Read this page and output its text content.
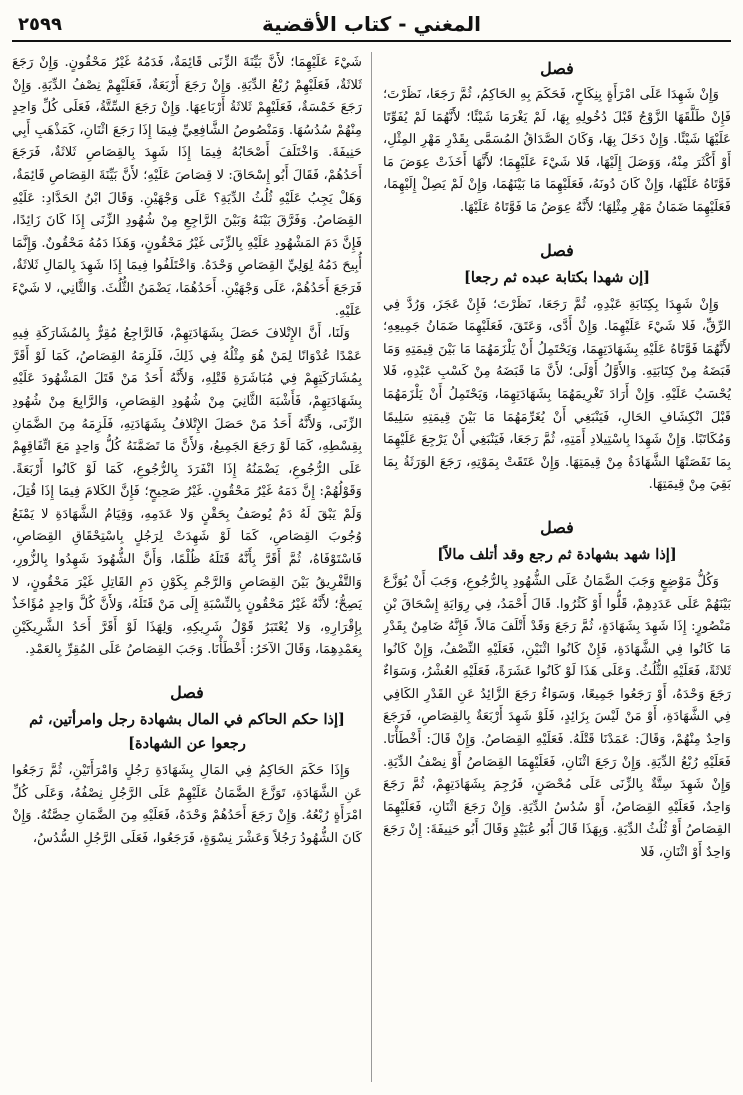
المغني - كتاب الأقضية
٢٥٩٩
فصل

وَإِنْ شَهِدَا عَلَى امْرَأَةٍ بِنِكَاحٍ، فَحَكَمَ بِهِ الحَاكِمُ، ثُمَّ رَجَعَا، نَظَرْتَ؛ فَإِنْ طَلَّقَهَا الزَّوْجُ قَبْلَ دُخُولِهِ بِهَا، لَمْ يَغْرَمَا شَيْئًا؛ لأَنَّهُمَا لَمْ يُفَوِّتَا عَلَيْهَا شَيْئًا. وَإِنْ دَخَلَ بِهَا، وَكَانَ الصَّدَاقُ المُسَمَّى بِقَدْرِ مَهْرِ المِثْلِ، أَوْ أَكْثَرَ مِنْهُ، وَوَصَلَ إِلَيْهَا، فَلا شَيْءَ عَلَيْهِمَا؛ لأَنَّهَا أَخَذَتْ عِوَضَ مَا فَوَّتَاهُ عَلَيْهَا، وَإِنْ كَانَ دُونَهُ، فَعَلَيْهِمَا مَا بَيْنَهُمَا، وَإِنْ لَمْ يَصِلْ إِلَيْهِمَا، فَعَلَيْهِمَا ضَمَانُ مَهْرِ مِثْلِهَا؛ لأَنَّهُ عِوَضُ مَا فَوَّتَاهُ عَلَيْهَا.

فصل
[إن شهدا بكتابة عبده ثم رجعا]

وَإِنْ شَهِدَا بِكِتَابَةِ عَبْدِهِ، ثُمَّ رَجَعَا، نَظَرْتَ؛ فَإِنْ عَجَزَ، وَرُدَّ فِي الرِّقِّ، فَلا شَيْءَ عَلَيْهِمَا. وَإِنْ أَدَّى، وَعَتَقَ، فَعَلَيْهِمَا ضَمَانُ جَمِيعِهِ؛ لأَنَّهُمَا فَوَّتَاهُ عَلَيْهِ بِشَهَادَتِهِمَا، وَيَحْتَمِلُ أَنْ يَلْزَمَهُمَا مَا بَيْنَ قِيمَتِهِ وَمَا قَبَضَهُ مِنْ كِتَابَتِهِ. وَالأَوَّلُ أَوْلَى؛ لأَنَّ مَا قَبَضَهُ مِنْ كَسْبِ عَبْدِهِ، فَلا يُحْسَبُ عَلَيْهِ. وَإِنْ أَرَادَ تَغْرِيمَهُمَا بِشَهَادَتِهِمَا، وَيَحْتَمِلُ أَنْ يَلْزَمَهُمَا قَبْلَ انْكِشَافِ الحَالِ، فَيَنْبَغِي أَنْ يُغَرِّمَهُمَا مَا بَيْنَ قِيمَتِهِ سَلِيمًا وَمُكَاتَبًا. وَإِنْ شَهِدَا بِاسْتِيلادِ أَمَتِهِ، ثُمَّ رَجَعَا، فَيَنْبَغِي أَنْ يَرْجِعَ عَلَيْهِمَا بِمَا نَقَصَتْهَا الشَّهَادَةُ مِنْ قِيمَتِهَا. وَإِنْ عَتَقَتْ بِمَوْتِهِ، رَجَعَ الوَرَثَةُ بِمَا بَقِيَ مِنْ قِيمَتِهَا.

فصل
[إذا شهد بشهادة ثم رجع وقد أتلف مالاً]

وَكُلُّ مَوْضِعٍ وَجَبَ الضَّمَانُ عَلَى الشُّهُودِ بِالرُّجُوعِ، وَجَبَ أَنْ يُوَزَّعَ بَيْنَهُمْ عَلَى عَدَدِهِمْ، قَلُّوا أَوْ كَثُرُوا. قَالَ أَحْمَدُ، فِي رِوَايَةِ إِسْحَاقَ بْنِ مَنْصُورٍ: إِذَا شَهِدَ بِشَهَادَةٍ، ثُمَّ رَجَعَ وَقَدْ أَتْلَفَ مَالاً، فَإِنَّهُ ضَامِنٌ بِقَدْرِ مَا كَانُوا فِي الشَّهَادَةِ، فَإِنْ كَانُوا اثْنَيْنِ، فَعَلَيْهِ النِّصْفُ، وَإِنْ كَانُوا ثَلاثَةً، فَعَلَيْهِ الثُّلُثُ. وَعَلَى هَذَا لَوْ كَانُوا عَشَرَةً، فَعَلَيْهِ العُشْرُ، وَسَوَاءٌ رَجَعَ وَحْدَهُ، أَوْ رَجَعُوا جَمِيعًا، وَسَوَاءٌ رَجَعَ الزَّائِدُ عَنِ القَدْرِ الكَافِي فِي الشَّهَادَةِ، أَوْ مَنْ لَيْسَ بِزَائِدٍ، فَلَوْ شَهِدَ أَرْبَعَةٌ بِالقِصَاصِ، فَرَجَعَ وَاحِدٌ مِنْهُمْ، وَقَالَ: عَمَدْنَا قَتْلَهُ. فَعَلَيْهِ القِصَاصُ. وَإِنْ قَالَ: أَخْطَأْنَا. فَعَلَيْهِ رُبْعُ الدِّيَةِ. وَإِنْ رَجَعَ اثْنَانِ، فَعَلَيْهِمَا القِصَاصُ أَوْ نِصْفُ الدِّيَةِ. وَإِنْ شَهِدَ سِتَّةٌ بِالزِّنَى عَلَى مُحْصَنٍ، فَرُجِمَ بِشَهَادَتِهِمْ، ثُمَّ رَجَعَ وَاحِدٌ، فَعَلَيْهِ القِصَاصُ، أَوْ سُدُسُ الدِّيَةِ. وَإِنْ رَجَعَ اثْنَانِ، فَعَلَيْهِمَا القِصَاصُ أَوْ ثُلُثُ الدِّيَةِ. وَبِهَذَا قَالَ أَبُو عُبَيْدٍ وَقَالَ أَبُو حَنِيفَةَ: إِنْ رَجَعَ وَاحِدٌ أَوْ اثْنَانِ، فَلا

شَيْءَ عَلَيْهِمَا؛ لأَنَّ بَيِّنَةَ الزِّنَى قَائِمَةٌ، فَدَمُهُ غَيْرُ مَحْقُونٍ. وَإِنْ رَجَعَ ثَلاثَةٌ، فَعَلَيْهِمْ رُبْعُ الدِّيَةِ. وَإِنْ رَجَعَ أَرْبَعَةٌ، فَعَلَيْهِمْ نِصْفُ الدِّيَةِ. وَإِنْ رَجَعَ خَمْسَةٌ، فَعَلَيْهِمْ ثَلاثَةُ أَرْبَاعِهَا. وَإِنْ رَجَعَ السِّتَّةُ، فَعَلَى كُلِّ وَاحِدٍ مِنْهُمْ سُدُسُهَا. وَمَنْصُوصُ الشَّافِعِيِّ فِيمَا إِذَا رَجَعَ اثْنَانِ، كَمَذْهَبِ أَبِي حَنِيفَةَ. وَاخْتَلَفَ أَصْحَابُهُ فِيمَا إِذَا شَهِدَ بِالقِصَاصِ ثَلاثَةٌ، فَرَجَعَ أَحَدُهُمْ، فَقَالَ أَبُو إِسْحَاقَ: لا قِصَاصَ عَلَيْهِ؛ لأَنَّ بَيِّنَةَ القِصَاصِ قَائِمَةٌ، وَهَلْ يَجِبُ عَلَيْهِ ثُلُثُ الدِّيَةِ؟ عَلَى وَجْهَيْنِ. وَقَالَ ابْنُ الحَدَّادِ: عَلَيْهِ القِصَاصُ. وَفَرَّقَ بَيْنَهُ وَبَيْنَ الرَّاجِعِ مِنْ شُهُودِ الزِّنَى إِذَا كَانَ زَائِدًا، فَإِنَّ دَمَ المَشْهُودِ عَلَيْهِ بِالزِّنَى غَيْرُ مَحْقُونٍ، وَهَذَا دَمُهُ مَحْقُونٌ. وَإِنَّمَا أُبِيحَ دَمُهُ لِوَلِيِّ القِصَاصِ وَحْدَهُ. وَاخْتَلَفُوا فِيمَا إِذَا شَهِدَ بِالمَالِ ثَلاثَةٌ، فَرَجَعَ أَحَدُهُمْ، عَلَى وَجْهَيْنِ. أَحَدُهُمَا، يَضْمَنُ الثُّلُثَ. وَالثَّانِي، لا شَيْءَ عَلَيْهِ.

وَلَنَا، أَنَّ الإِتْلافَ حَصَلَ بِشَهَادَتِهِمْ، فَالرَّاجِعُ مُقِرٌّ بِالمُشَارَكَةِ فِيهِ عَمْدًا عُدْوَانًا لِمَنْ هُوَ مِثْلُهُ فِي ذَلِكَ، فَلَزِمَهُ القِصَاصُ، كَمَا لَوْ أَقَرَّ بِمُشَارَكَتِهِمْ فِي مُبَاشَرَةِ قَتْلِهِ، وَلأَنَّهُ أَحَدُ مَنْ قَتَلَ المَشْهُودَ عَلَيْهِ بِشَهَادَتِهِمْ، فَأَشْبَهَ الثَّانِيَ مِنْ شُهُودِ القِصَاصِ، وَالرَّابِعَ مِنْ شُهُودِ الزِّنَى، وَلأَنَّهُ أَحَدُ مَنْ حَصَلَ الإِتْلافُ بِشَهَادَتِهِ، فَلَزِمَهُ مِنَ الضَّمَانِ بِقِسْطِهِ، كَمَا لَوْ رَجَعَ الجَمِيعُ، وَلأَنَّ مَا تَضَمَّنَهُ كُلُّ وَاحِدٍ مَعَ اتِّفَاقِهِمْ عَلَى الرُّجُوعِ، يَضْمَنُهُ إِذَا انْفَرَدَ بِالرُّجُوعِ، كَمَا لَوْ كَانُوا أَرْبَعَةً. وَقَوْلُهُمْ: إِنَّ دَمَهُ غَيْرُ مَحْقُونٍ. غَيْرُ صَحِيحٍ؛ فَإِنَّ الكَلامَ فِيمَا إِذَا قُتِلَ، وَلَمْ يَبْقَ لَهُ دَمٌ يُوصَفُ بِحَقْنٍ وَلا عَدَمِهِ، وَقِيَامُ الشَّهَادَةِ لا يَمْنَعُ وُجُوبَ القِصَاصِ، كَمَا لَوْ شَهِدَتْ لِرَجُلٍ بِاسْتِحْقَاقِ القِصَاصِ، فَاسْتَوْفَاهُ، ثُمَّ أَقَرَّ بِأَنَّهُ قَتَلَهُ ظُلْمًا، وَأَنَّ الشُّهُودَ شَهِدُوا بِالزُّورِ، وَالتَّفْرِيقُ بَيْنَ القِصَاصِ وَالرَّجْمِ بِكَوْنِ دَمِ القَاتِلِ غَيْرَ مَحْقُونٍ، لا يَصِحُّ؛ لأَنَّهُ غَيْرُ مَحْقُونٍ بِالنِّسْبَةِ إِلَى مَنْ قَتَلَهُ، وَلأَنَّ كُلَّ وَاحِدٍ مُؤَاخَذٌ بِإِقْرَارِهِ، وَلا يُعْتَبَرُ قَوْلُ شَرِيكِهِ، وَلِهَذَا لَوْ أَقَرَّ أَحَدُ الشَّرِيكَيْنِ بِعَمْدِهِمَا، وَقَالَ الآخَرُ: أَخْطَأْنَا. وَجَبَ القِصَاصُ عَلَى المُقِرِّ بِالعَمْدِ.

فصل
[إذا حكم الحاكم في المال بشهادة رجل وامرأتين، ثم رجعوا عن الشهادة]

وَإِذَا حَكَمَ الحَاكِمُ فِي المَالِ بِشَهَادَةِ رَجُلٍ وَامْرَأَتَيْنِ، ثُمَّ رَجَعُوا عَنِ الشَّهَادَةِ، تَوَزَّعَ الضَّمَانُ عَلَيْهِمْ عَلَى الرَّجُلِ نِصْفُهُ، وَعَلَى كُلِّ امْرَأَةٍ رُبْعُهُ. وَإِنْ رَجَعَ أَحَدُهُمْ وَحْدَهُ، فَعَلَيْهِ مِنَ الضَّمَانِ حِصَّتُهُ. وَإِنْ كَانَ الشُّهُودُ رَجُلاً وَعَشْرَ نِسْوَةٍ، فَرَجَعُوا، فَعَلَى الرَّجُلِ السُّدُسُ،
